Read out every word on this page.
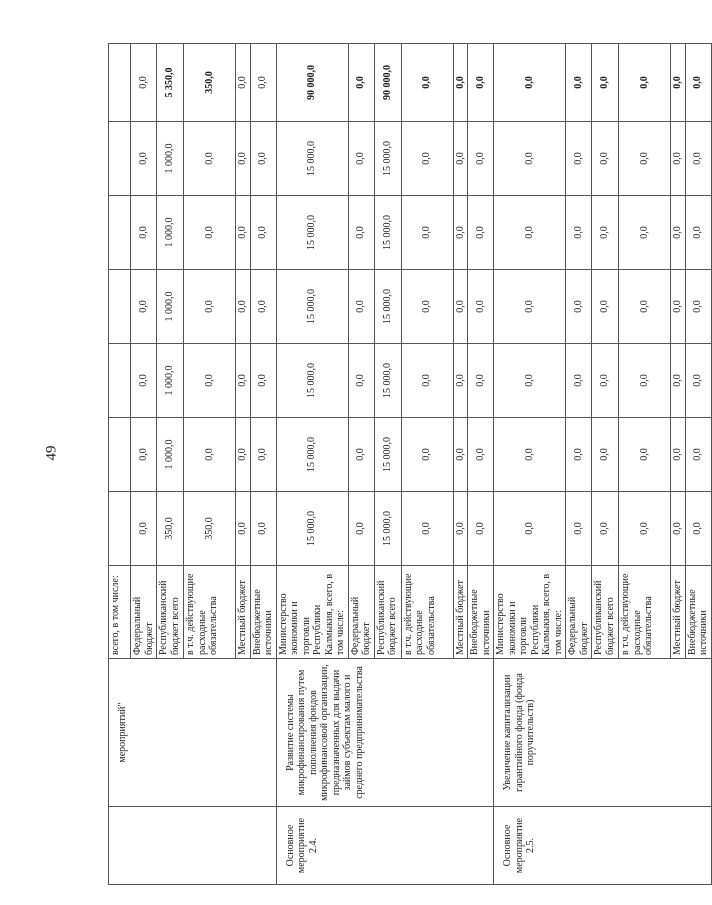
49
	мероприятий"	всего, в том числе:							
		Федеральный бюджет	0,0	0,0	0,0	0,0	0,0	0,0	0,0
		Республиканский бюджет всего	350,0	1 000,0	1 000,0	1 000,0	1 000,0	1 000,0	5 350,0
		в т.ч. действующие расходные обязательства	350,0	0,0	0,0	0,0	0,0	0,0	350,0
		Местный бюджет	0,0	0,0	0,0	0,0	0,0	0,0	0,0
		Внебюджетные источники	0,0	0,0	0,0	0,0	0,0	0,0	0,0
Основное мероприятие 2.4.	Развитие системы микрофинансирования путем пополнения фондов микрофинансовой организации, предназначенных для выдачи займов субъектам малого и среднего предпринимательства	Министерство экономики и торговли Республики Калмыкия, всего, в том числе:	15 000,0	15 000,0	15 000,0	15 000,0	15 000,0	15 000,0	90 000,0
		Федеральный бюджет	0,0	0,0	0,0	0,0	0,0	0,0	0,0
		Республиканский бюджет всего	15 000,0	15 000,0	15 000,0	15 000,0	15 000,0	15 000,0	90 000,0
		в т.ч. действующие расходные обязательства	0,0	0,0	0,0	0,0	0,0	0,0	0,0
		Местный бюджет	0,0	0,0	0,0	0,0	0,0	0,0	0,0
		Внебюджетные источники	0,0	0,0	0,0	0,0	0,0	0,0	0,0
Основное мероприятие 2.5.	Увеличение капитализации гарантийного фонда (фонда поручительств)	Министерство экономики и торговли Республики Калмыкия, всего, в том числе:	0,0	0,0	0,0	0,0	0,0	0,0	0,0
		Федеральный бюджет	0,0	0,0	0,0	0,0	0,0	0,0	0,0
		Республиканский бюджет всего	0,0	0,0	0,0	0,0	0,0	0,0	0,0
		в т.ч. действующие расходные обязательства	0,0	0,0	0,0	0,0	0,0	0,0	0,0
		Местный бюджет	0,0	0,0	0,0	0,0	0,0	0,0	0,0
		Внебюджетные источники	0,0	0,0	0,0	0,0	0,0	0,0	0,0
